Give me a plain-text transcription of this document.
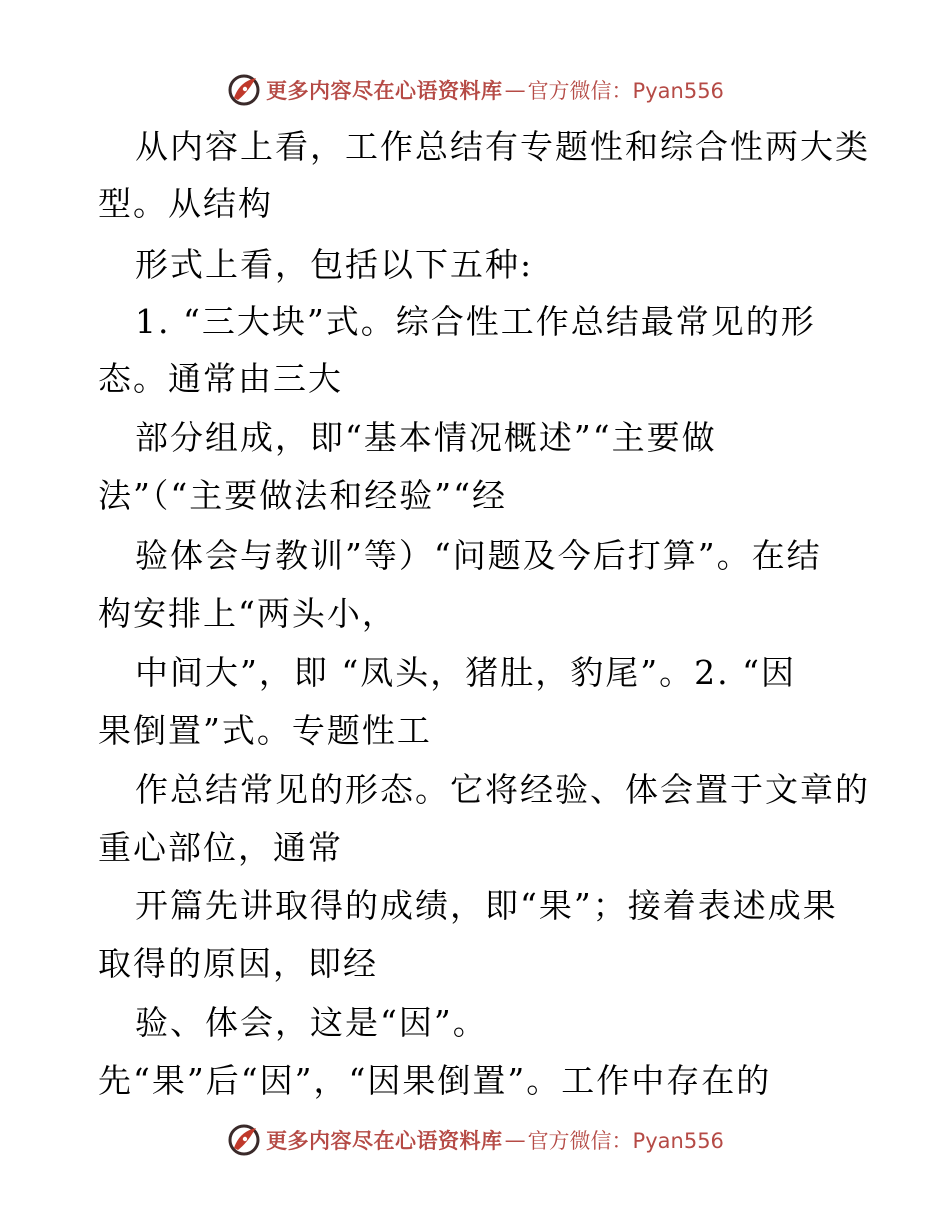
更多内容尽在心语资料库 — 官方微信：Pyan556
从内容上看，工作总结有专题性和综合性两大类
型。从结构
形式上看，包括以下五种:
1. “三大块”式。综合性工作总结最常见的形
态。通常由三大
部分组成，即“基本情况概述”“主要做
法”（“主要做法和经验”“经
验体会与教训”等）“问题及今后打算”。在结
构安排上“两头小，
中间大”，即 “凤头，猪肚，豹尾”。2. “因
果倒置”式。专题性工
作总结常见的形态。它将经验、体会置于文章的
重心部位，通常
开篇先讲取得的成绩，即“果”；接着表述成果
取得的原因，即经
验、体会，这是“因”。
先“果”后“因”，“因果倒置”。工作中存在的
更多内容尽在心语资料库 — 官方微信：Pyan556
